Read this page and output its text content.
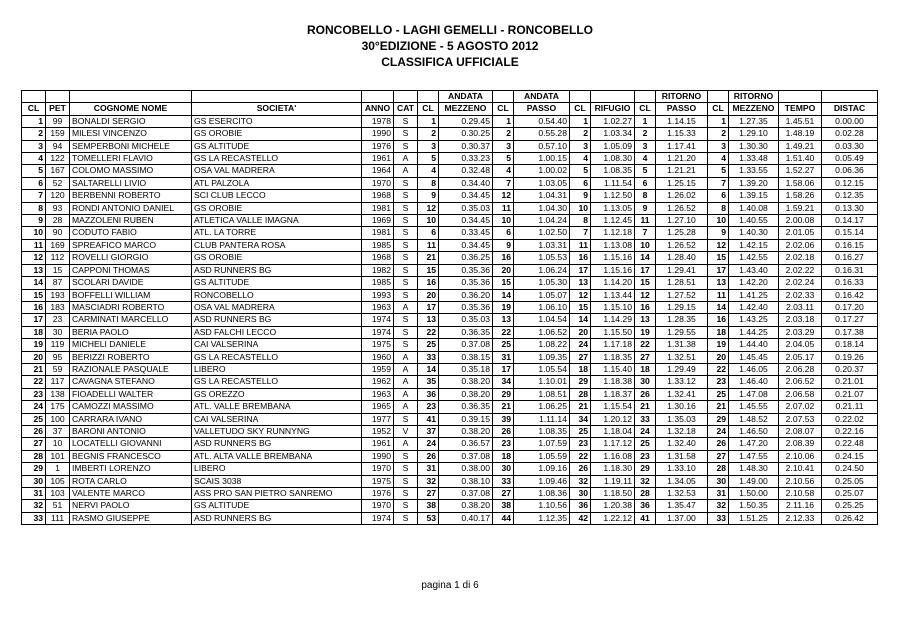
RONCOBELLO - LAGHI GEMELLI - RONCOBELLO
30°EDIZIONE - 5 AGOSTO 2012
CLASSIFICA UFFICIALE
							ANDATA		ANDATA				RITORNO		RITORNO		
CL	PET	COGNOME NOME	SOCIETA'	ANNO	CAT	CL	MEZZENO	CL	PASSO	CL	RIFUGIO	CL	PASSO	CL	MEZZENO	TEMPO	DISTAC
1	99	BONALDI SERGIO	GS ESERCITO	1978	S	1	0.29.45	1	0.54.40	1	1.02.27	1	1.14.15	1	1.27.35	1.45.51	0.00.00
2	159	MILESI VINCENZO	GS OROBIE	1990	S	2	0.30.25	2	0.55.28	2	1.03.34	2	1.15.33	2	1.29.10	1.48.19	0.02.28
3	94	SEMPERBONI MICHELE	GS ALTITUDE	1976	S	3	0.30.37	3	0.57.10	3	1.05.09	3	1.17.41	3	1.30.30	1.49.21	0.03.30
4	122	TOMELLERI FLAVIO	GS LA RECASTELLO	1961	A	5	0.33.23	5	1.00.15	4	1.08.30	4	1.21.20	4	1.33.48	1.51.40	0.05.49
5	167	COLOMO MASSIMO	OSA VAL MADRERA	1964	A	4	0.32.48	4	1.00.02	5	1.08.35	5	1.21.21	5	1.33.55	1.52.27	0.06.36
6	52	SALTARELLI LIVIO	ATL PALZOLA	1970	S	8	0.34.40	7	1.03.05	6	1.11.54	6	1.25.15	7	1.39.20	1.58.06	0.12.15
7	120	BERBENNI ROBERTO	SCI CLUB LECCO	1968	S	9	0.34.45	12	1.04.31	9	1.12.50	8	1.26.02	6	1.39.15	1.58.26	0.12.35
8	93	RONDI ANTONIO DANIEL	GS OROBIE	1981	S	12	0.35.03	11	1.04.30	10	1.13.05	9	1.26.52	8	1.40.08	1.59.21	0.13.30
9	28	MAZZOLENI RUBEN	ATLETICA VALLE IMAGNA	1969	S	10	0.34.45	10	1.04.24	8	1.12.45	11	1.27.10	10	1.40.55	2.00.08	0.14.17
10	90	CODUTO FABIO	ATL. LA TORRE	1981	S	6	0.33.45	6	1.02.50	7	1.12.18	7	1.25.28	9	1.40.30	2.01.05	0.15.14
11	169	SPREAFICO MARCO	CLUB PANTERA ROSA	1985	S	11	0.34.45	9	1.03.31	11	1.13.08	10	1.26.52	12	1.42.15	2.02.06	0.16.15
12	112	ROVELLI GIORGIO	GS OROBIE	1968	S	21	0.36.25	16	1.05.53	16	1.15.16	14	1.28.40	15	1.42.55	2.02.18	0.16.27
13	15	CAPPONI THOMAS	ASD RUNNERS BG	1982	S	15	0.35.36	20	1.06.24	17	1.15.16	17	1.29.41	17	1.43.40	2.02.22	0.16.31
14	87	SCOLARI DAVIDE	GS ALTITUDE	1985	S	16	0.35.36	15	1.05.30	13	1.14.20	15	1.28.51	13	1.42.20	2.02.24	0.16.33
15	193	BOFFELLI WILLIAM	RONCOBELLO	1993	S	20	0.36.20	14	1.05.07	12	1.13.44	12	1.27.52	11	1.41.25	2.02.33	0.16.42
16	183	MASCIADRI ROBERTO	OSA VAL MADRERA	1963	A	17	0.35.36	19	1.06.10	15	1.15.10	16	1.29.15	14	1.42.40	2.03.11	0.17.20
17	23	CARMINATI MARCELLO	ASD RUNNERS BG	1974	S	13	0.35.03	13	1.04.54	14	1.14.29	13	1.28.35	16	1.43.25	2.03.18	0.17.27
18	30	BERIA PAOLO	ASD FALCHI LECCO	1974	S	22	0.36.35	22	1.06.52	20	1.15.50	19	1.29.55	18	1.44.25	2.03.29	0.17.38
19	119	MICHELI DANIELE	CAI VALSERINA	1975	S	25	0.37.08	25	1.08.22	24	1.17.18	22	1.31.38	19	1.44.40	2.04.05	0.18.14
20	95	BERIZZI ROBERTO	GS LA RECASTELLO	1960	A	33	0.38.15	31	1.09.35	27	1.18.35	27	1.32.51	20	1.45.45	2.05.17	0.19.26
21	59	RAZIONALE PASQUALE	LIBERO	1959	A	14	0.35.18	17	1.05.54	18	1.15.40	18	1.29.49	22	1.46.05	2.06.28	0.20.37
22	117	CAVAGNA STEFANO	GS LA RECASTELLO	1962	A	35	0.38.20	34	1.10.01	29	1.18.38	30	1.33.12	23	1.46.40	2.06.52	0.21.01
23	138	FIOADELLI WALTER	GS OREZZO	1963	A	36	0.38.20	29	1.08.51	28	1.18.37	26	1.32.41	25	1.47.08	2.06.58	0.21.07
24	175	CAMOZZI MASSIMO	ATL. VALLE BREMBANA	1965	A	23	0.36.35	21	1.06.25	21	1.15.54	21	1.30.16	21	1.45.55	2.07.02	0.21.11
25	100	CARRARA IVANO	CAI VALSERINA	1977	S	41	0.39.15	39	1.11.14	34	1.20.12	33	1.35.03	29	1.48.52	2.07.53	0.22.02
26	37	BARONI ANTONIO	VALLETUDO SKY RUNNYNG	1952	V	37	0.38.20	26	1.08.35	25	1.18.04	24	1.32.18	24	1.46.50	2.08.07	0.22.16
27	10	LOCATELLI GIOVANNI	ASD RUNNERS BG	1961	A	24	0.36.57	23	1.07.59	23	1.17.12	25	1.32.40	26	1.47.20	2.08.39	0.22.48
28	101	BEGNIS FRANCESCO	ATL. ALTA VALLE BREMBANA	1990	S	26	0.37.08	18	1.05.59	22	1.16.08	23	1.31.58	27	1.47.55	2.10.06	0.24.15
29	1	IMBERTI LORENZO	LIBERO	1970	S	31	0.38.00	30	1.09.16	26	1.18.30	29	1.33.10	28	1.48.30	2.10.41	0.24.50
30	105	ROTA CARLO	SCAIS 3038	1975	S	32	0.38.10	33	1.09.46	32	1.19.11	32	1.34.05	30	1.49.00	2.10.56	0.25.05
31	103	VALENTE MARCO	ASS PRO SAN PIETRO SANREMO	1976	S	27	0.37.08	27	1.08.36	30	1.18.50	28	1.32.53	31	1.50.00	2.10.58	0.25.07
32	51	NERVI PAOLO	GS ALTITUDE	1970	S	38	0.38.20	38	1.10.56	36	1.20.38	36	1.35.47	32	1.50.35	2.11.16	0.25.25
33	111	RASMO GIUSEPPE	ASD RUNNERS BG	1974	S	53	0.40.17	44	1.12.35	42	1.22.12	41	1.37.00	33	1.51.25	2.12.33	0.26.42
pagina 1 di 6
